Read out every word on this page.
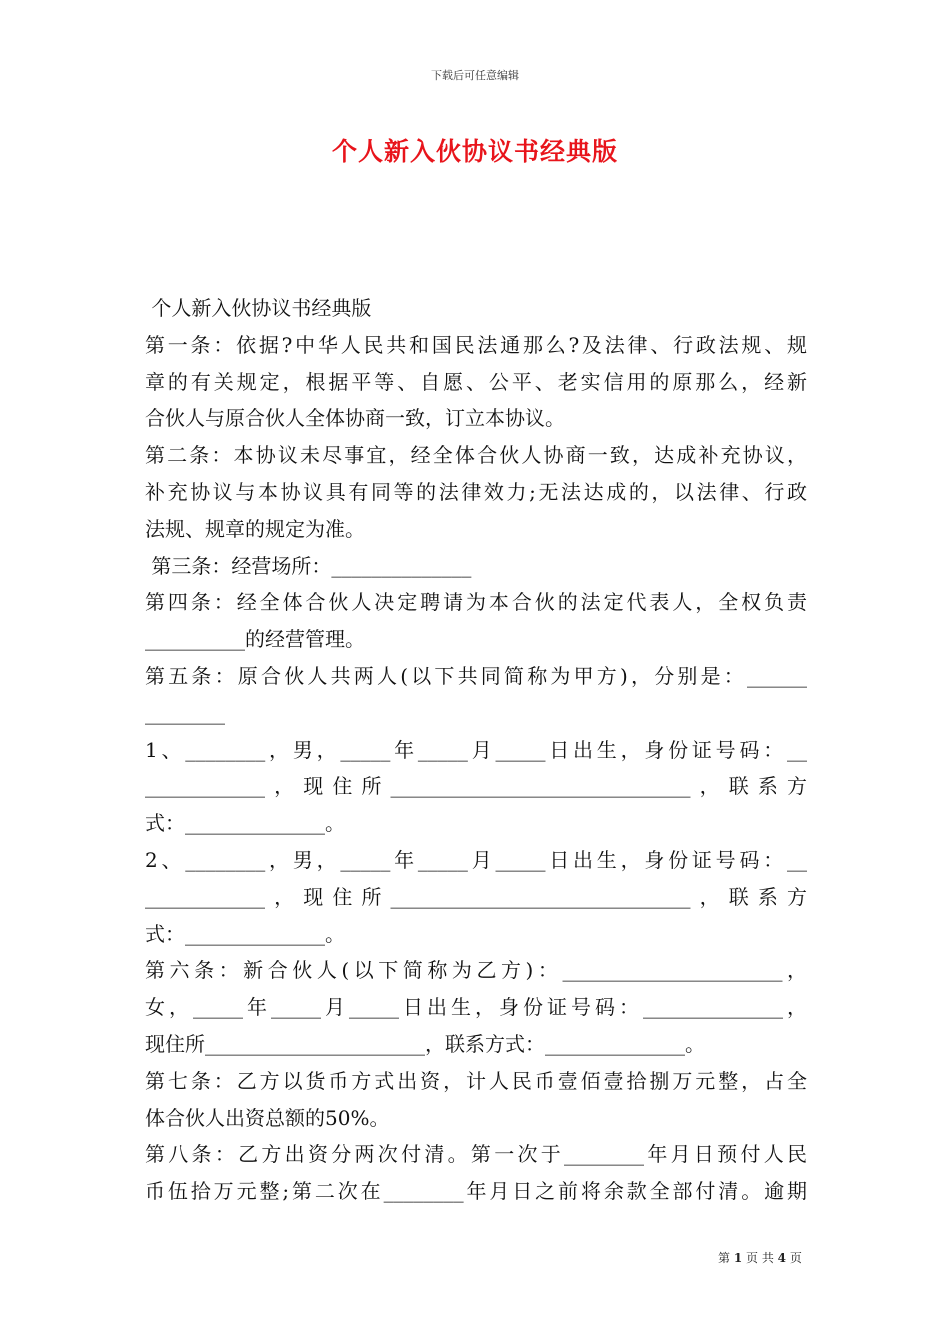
下载后可任意编辑
个人新入伙协议书经典版
个人新入伙协议书经典版
第一条：依据?中华人民共和国民法通那么?及法律、行政法规、规
章的有关规定，根据平等、自愿、公平、老实信用的原那么，经新
合伙人与原合伙人全体协商一致，订立本协议。
第二条：本协议未尽事宜，经全体合伙人协商一致，达成补充协议，
补充协议与本协议具有同等的法律效力;无法达成的，以法律、行政
法规、规章的规定为准。
第三条：经营场所：______________
第四条：经全体合伙人决定聘请为本合伙的法定代表人，全权负责
__________的经营管理。
第五条：原合伙人共两人(以下共同简称为甲方)，分别是：______
________
1、________，男，_____年_____月_____日出生，身份证号码：__
____________，现住所______________________________，联系方
式：______________。
2、________，男，_____年_____月_____日出生，身份证号码：__
____________，现住所______________________________，联系方
式：______________。
第六条：新合伙人(以下简称为乙方)：______________________，
女，_____年_____月_____日出生，身份证号码：______________，
现住所______________________，联系方式：______________。
第七条：乙方以货币方式出资，计人民币壹佰壹拾捌万元整，占全
体合伙人出资总额的50%。
第八条：乙方出资分两次付清。第一次于________年月日预付人民
币伍拾万元整;第二次在________年月日之前将余款全部付清。逾期
第 1 页 共 4 页
